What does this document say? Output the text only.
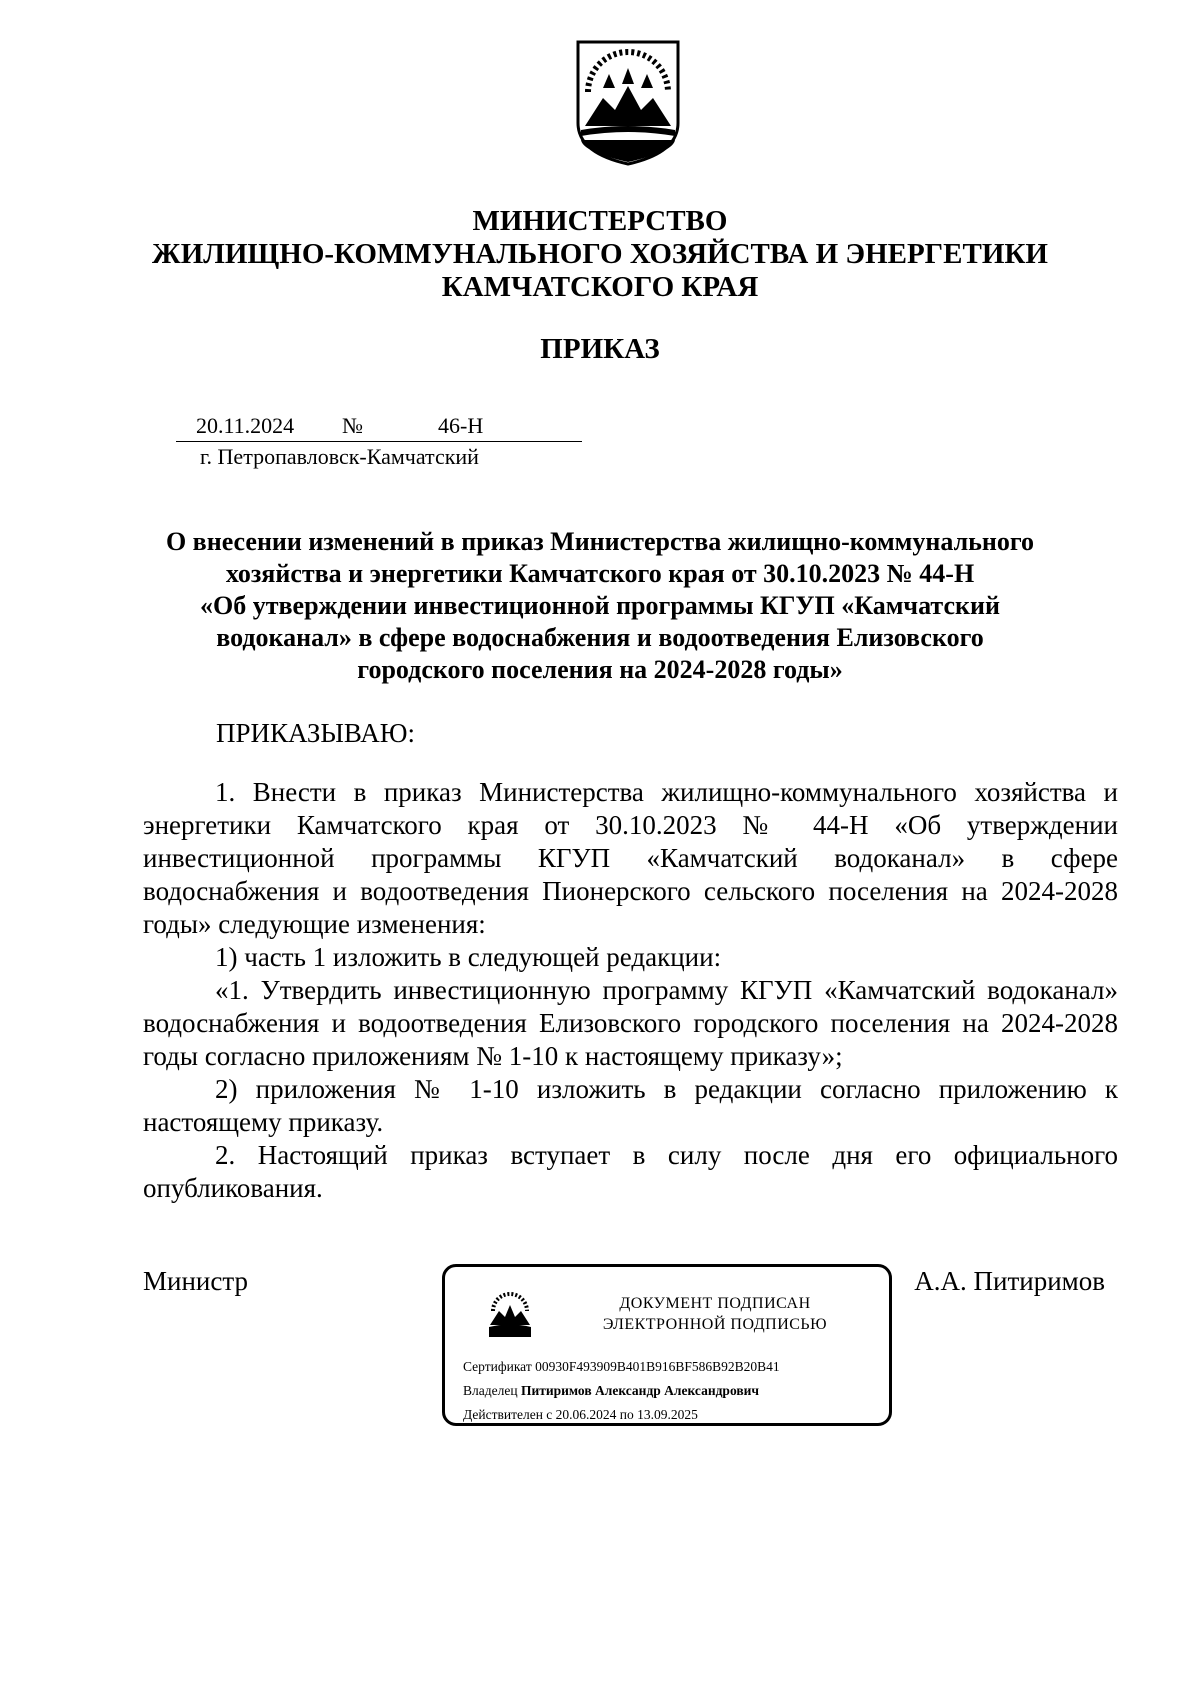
МИНИСТЕРСТВО
ЖИЛИЩНО-КОММУНАЛЬНОГО ХОЗЯЙСТВА И ЭНЕРГЕТИКИ
КАМЧАТСКОГО КРАЯ
ПРИКАЗ
20.11.2024 №	46-Н
г. Петропавловск-Камчатский
О внесении изменений в приказ Министерства жилищно-коммунального
хозяйства и энергетики Камчатского края от 30.10.2023 № 44-Н
«Об утверждении инвестиционной программы КГУП «Камчатский
водоканал» в сфере водоснабжения и водоотведения Елизовского
городского поселения на 2024-2028 годы»
ПРИКАЗЫВАЮ:

1. Внести в приказ Министерства жилищно-коммунального хозяйства и энергетики Камчатского края от 30.10.2023 № 44-Н «Об утверждении инвестиционной программы КГУП «Камчатский водоканал» в сфере водоснабжения и водоотведения Пионерского сельского поселения на 2024-2028 годы» следующие изменения:

1) часть 1 изложить в следующей редакции:

«1. Утвердить инвестиционную программу КГУП «Камчатский водоканал» водоснабжения и водоотведения Елизовского городского поселения на 2024-2028 годы согласно приложениям № 1-10 к настоящему приказу»;

2) приложения № 1-10 изложить в редакции согласно приложению к настоящему приказу.

2. Настоящий приказ вступает в силу после дня его официального опубликования.

Министр	А.А. Питиримов
ДОКУМЕНТ ПОДПИСАН
ЭЛЕКТРОННОЙ ПОДПИСЬЮ
Сертификат 00930F493909B401B916BF586B92B20B41
Владелец Питиримов Александр Александрович
Действителен с 20.06.2024 по 13.09.2025
